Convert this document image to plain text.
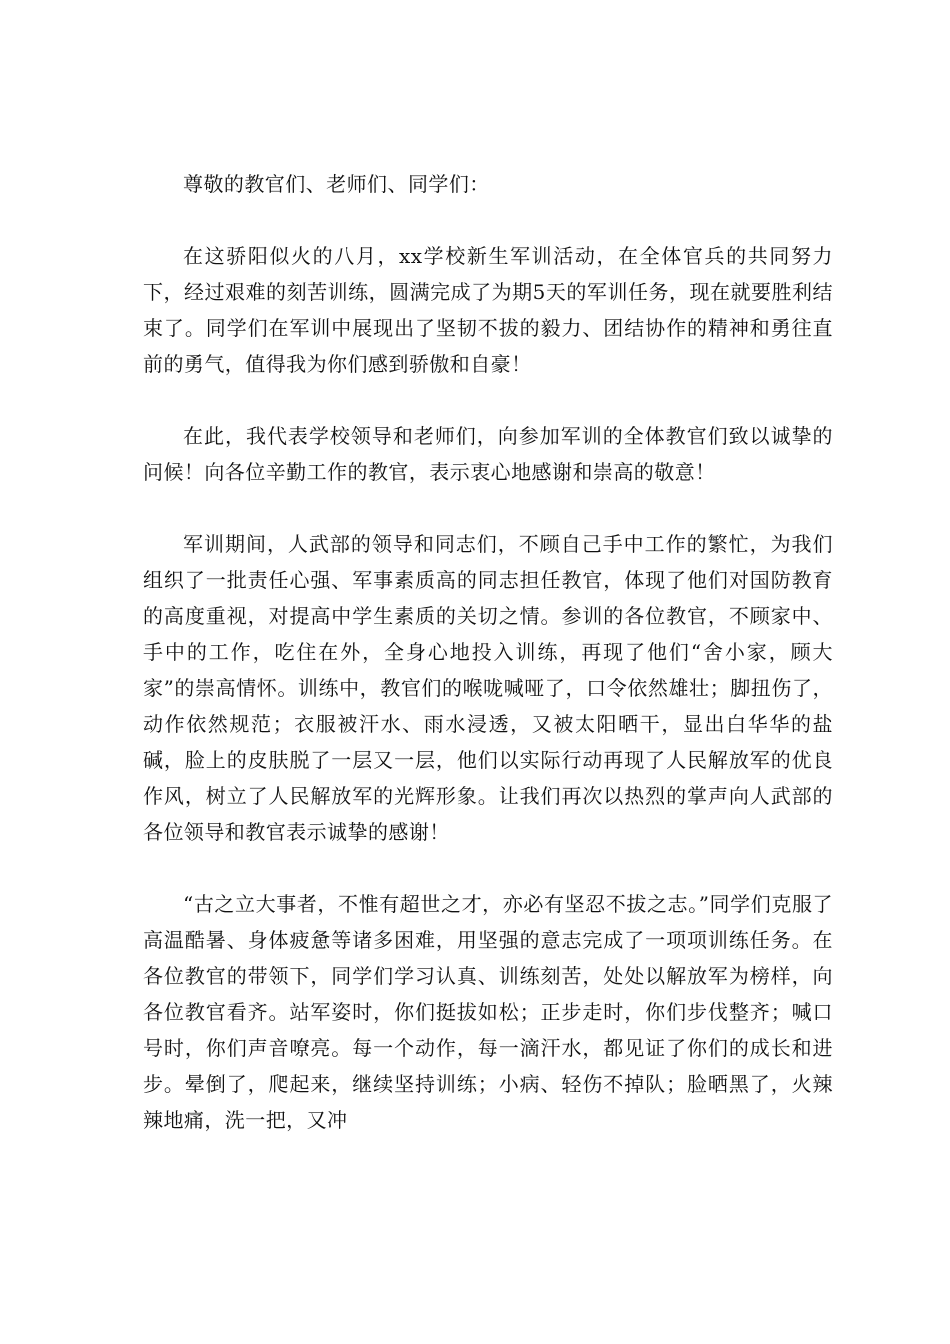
尊敬的教官们、老师们、同学们：

在这骄阳似火的八月，xx学校新生军训活动，在全体官兵的共同努力下，经过艰难的刻苦训练，圆满完成了为期5天的军训任务，现在就要胜利结束了。同学们在军训中展现出了坚韧不拔的毅力、团结协作的精神和勇往直前的勇气，值得我为你们感到骄傲和自豪！

在此，我代表学校领导和老师们，向参加军训的全体教官们致以诚挚的问候！向各位辛勤工作的教官，表示衷心地感谢和崇高的敬意！

军训期间，人武部的领导和同志们，不顾自己手中工作的繁忙，为我们组织了一批责任心强、军事素质高的同志担任教官，体现了他们对国防教育的高度重视，对提高中学生素质的关切之情。参训的各位教官，不顾家中、手中的工作，吃住在外，全身心地投入训练，再现了他们“舍小家，顾大家”的崇高情怀。训练中，教官们的喉咙喊哑了，口令依然雄壮；脚扭伤了，动作依然规范；衣服被汗水、雨水浸透，又被太阳晒干，显出白华华的盐碱，脸上的皮肤脱了一层又一层，他们以实际行动再现了人民解放军的优良作风，树立了人民解放军的光辉形象。让我们再次以热烈的掌声向人武部的各位领导和教官表示诚挚的感谢！

“古之立大事者，不惟有超世之才，亦必有坚忍不拔之志。”同学们克服了高温酷暑、身体疲惫等诸多困难，用坚强的意志完成了一项项训练任务。在各位教官的带领下，同学们学习认真、训练刻苦，处处以解放军为榜样，向各位教官看齐。站军姿时，你们挺拔如松；正步走时，你们步伐整齐；喊口号时，你们声音嘹亮。每一个动作，每一滴汗水，都见证了你们的成长和进步。晕倒了，爬起来，继续坚持训练；小病、轻伤不掉队；脸晒黑了，火辣辣地痛，洗一把，又冲
